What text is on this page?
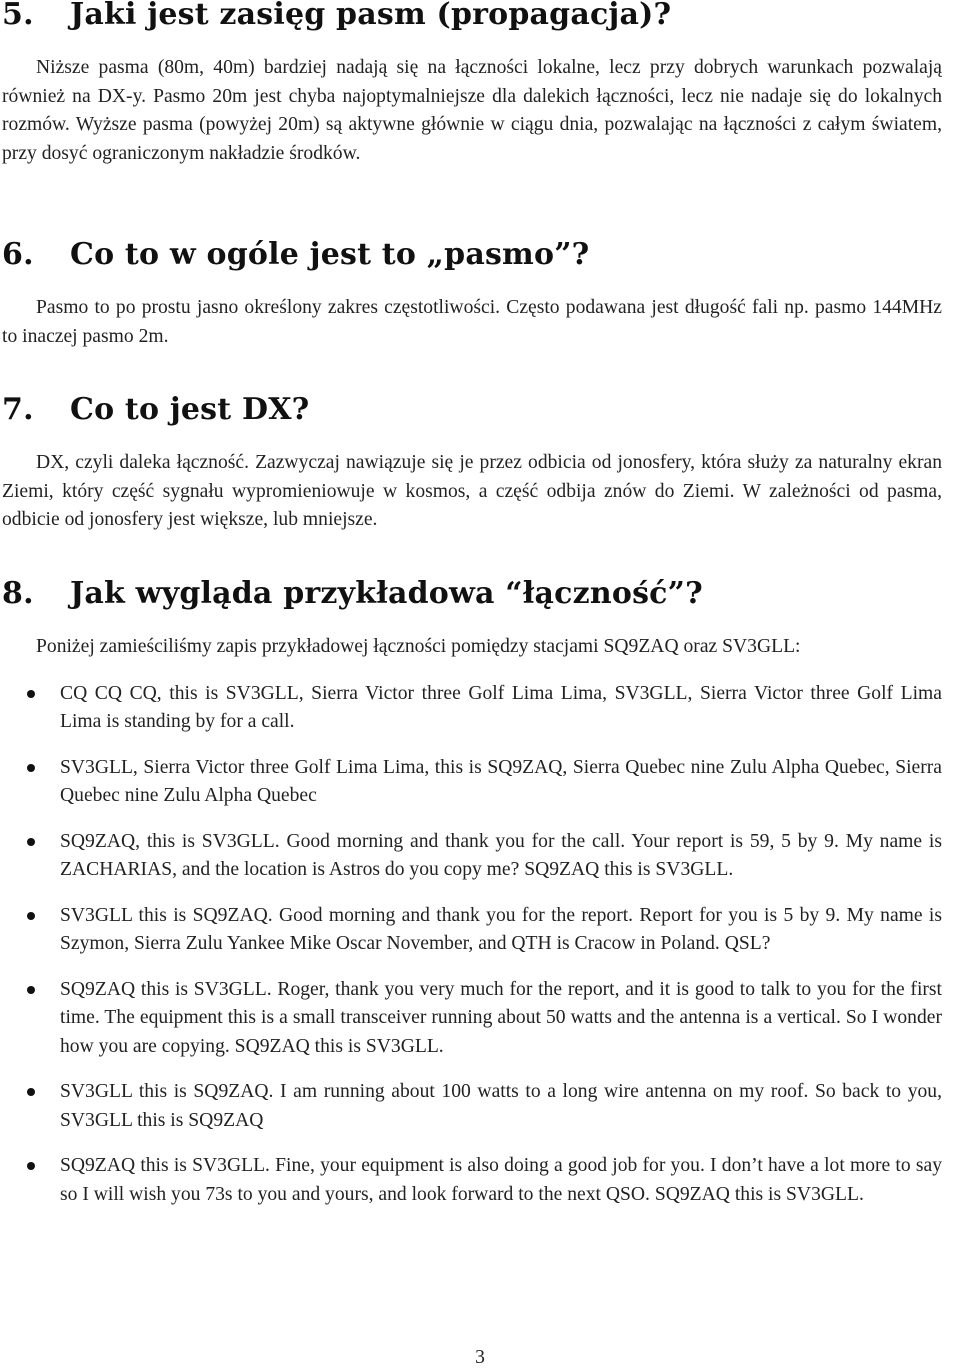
5. Jaki jest zasięg pasm (propagacja)?

Niższe pasma (80m, 40m) bardziej nadają się na łączności lokalne, lecz przy dobrych warunkach pozwalają również na DX-y. Pasmo 20m jest chyba najoptymalniejsze dla dalekich łączności, lecz nie nadaje się do lokalnych rozmów. Wyższe pasma (powyżej 20m) są aktywne głównie w ciągu dnia, pozwalając na łączności z całym światem, przy dosyć ograniczonym nakładzie środków.

6. Co to w ogóle jest to „pasmo”?

Pasmo to po prostu jasno określony zakres częstotliwości. Często podawana jest długość fali np. pasmo 144MHz to inaczej pasmo 2m.

7. Co to jest DX?

DX, czyli daleka łączność. Zazwyczaj nawiązuje się je przez odbicia od jonosfery, która służy za naturalny ekran Ziemi, który część sygnału wypromieniowuje w kosmos, a część odbija znów do Ziemi. W zależności od pasma, odbicie od jonosfery jest większe, lub mniejsze.

8. Jak wygląda przykładowa “łączność”?

Poniżej zamieściliśmy zapis przykładowej łączności pomiędzy stacjami SQ9ZAQ oraz SV3GLL:

CQ CQ CQ, this is SV3GLL, Sierra Victor three Golf Lima Lima, SV3GLL, Sierra Victor three Golf Lima Lima is standing by for a call.
SV3GLL, Sierra Victor three Golf Lima Lima, this is SQ9ZAQ, Sierra Quebec nine Zulu Alpha Quebec, Sierra Quebec nine Zulu Alpha Quebec
SQ9ZAQ, this is SV3GLL. Good morning and thank you for the call. Your report is 59, 5 by 9. My name is ZACHARIAS, and the location is Astros do you copy me? SQ9ZAQ this is SV3GLL.
SV3GLL this is SQ9ZAQ. Good morning and thank you for the report. Report for you is 5 by 9. My name is Szymon, Sierra Zulu Yankee Mike Oscar November, and QTH is Cracow in Poland. QSL?
SQ9ZAQ this is SV3GLL. Roger, thank you very much for the report, and it is good to talk to you for the first time. The equipment this is a small transceiver running about 50 watts and the antenna is a vertical. So I wonder how you are copying. SQ9ZAQ this is SV3GLL.
SV3GLL this is SQ9ZAQ. I am running about 100 watts to a long wire antenna on my roof. So back to you, SV3GLL this is SQ9ZAQ
SQ9ZAQ this is SV3GLL. Fine, your equipment is also doing a good job for you. I don’t have a lot more to say so I will wish you 73s to you and yours, and look forward to the next QSO. SQ9ZAQ this is SV3GLL.
3
